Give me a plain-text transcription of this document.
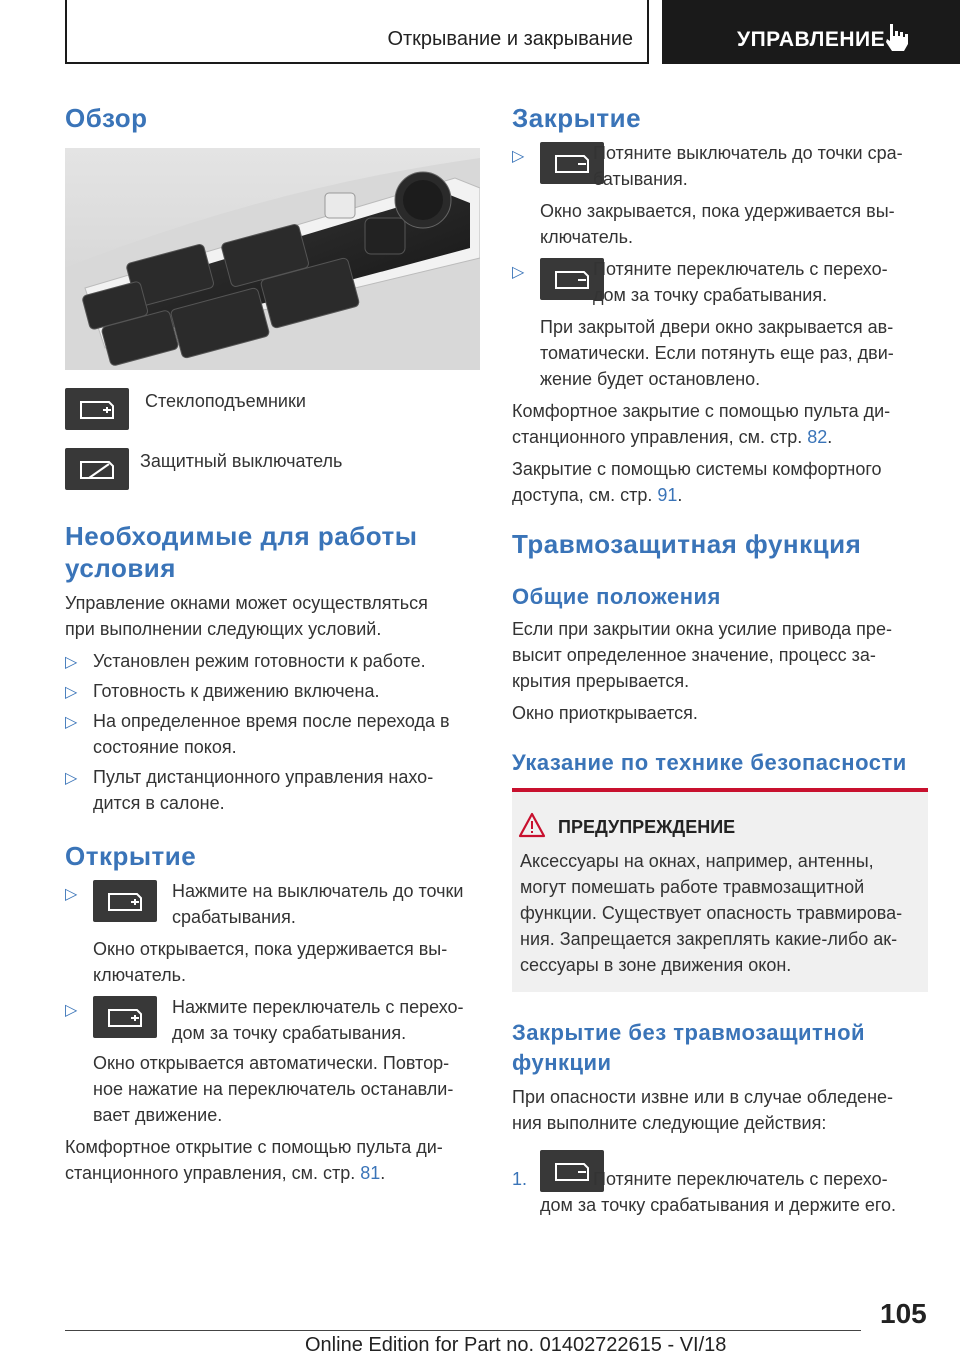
Открывание и закрывание	УПРАВЛЕНИЕ
Обзор
Стеклоподъемники
Защитный выключатель
Необходимые для работы
условия
Управление окнами может осуществляться
при выполнении следующих условий.
▷ Установлен режим готовности к работе.
▷ Готовность к движению включена.
▷ На определенное время после перехода в
состояние покоя.
▷ Пульт дистанционного управления нахо-
дится в салоне.
Открытие
▷	Нажмите на выключатель до точки
срабатывания.
Окно открывается, пока удерживается вы-
ключатель.
▷	Нажмите переключатель с перехо-
дом за точку срабатывания.
Окно открывается автоматически. Повтор-
ное нажатие на переключатель останавли-
вает движение.
Комфортное открытие с помощью пульта ди-
станционного управления, см. стр. 81.
Закрытие
▷	Потяните выключатель до точки сра-
батывания.
Окно закрывается, пока удерживается вы-
ключатель.
▷	Потяните переключатель с перехо-
дом за точку срабатывания.
При закрытой двери окно закрывается ав-
томатически. Если потянуть еще раз, дви-
жение будет остановлено.
Комфортное закрытие с помощью пульта ди-
станционного управления, см. стр. 82.
Закрытие с помощью системы комфортного
доступа, см. стр. 91.
Травмозащитная функция
Общие положения
Если при закрытии окна усилие привода пре-
высит определенное значение, процесс за-
крытия прерывается.
Окно приоткрывается.
Указание по технике безопасности
ПРЕДУПРЕЖДЕНИЕ
Аксессуары на окнах, например, антенны,
могут помешать работе травмозащитной
функции. Существует опасность травмирова-
ния. Запрещается закреплять какие-либо ак-
сессуары в зоне движения окон.
Закрытие без травмозащитной
функции
При опасности извне или в случае обледене-
ния выполните следующие действия:
1.	Потяните переключатель с перехо-
дом за точку срабатывания и держите его.
105
Online Edition for Part no. 01402722615 - VI/18
